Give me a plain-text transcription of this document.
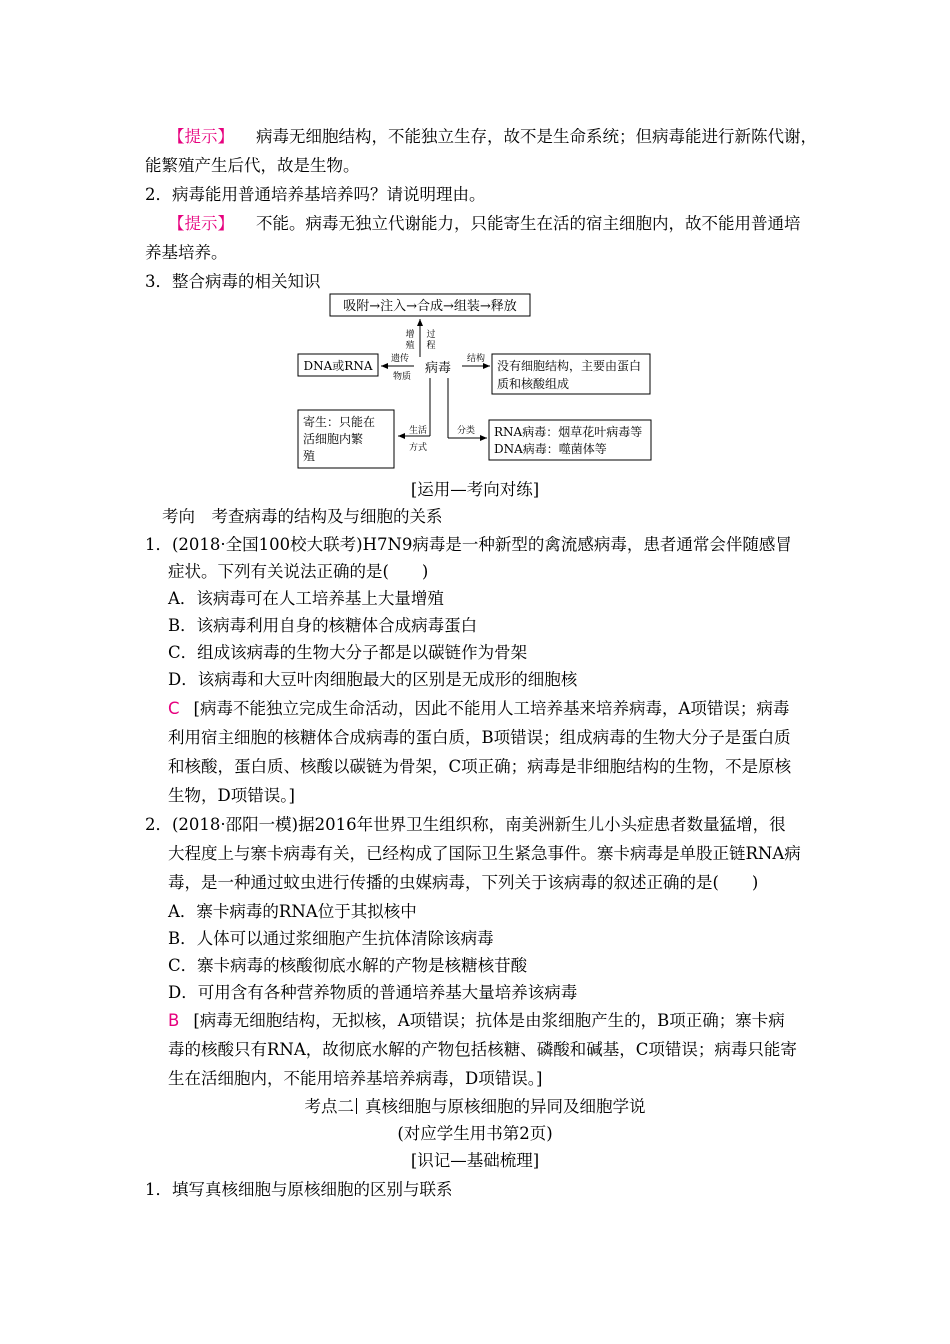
【提示】 病毒无细胞结构，不能独立生存，故不是生命系统；但病毒能进行新陈代谢，
能繁殖产生后代，故是生物。
2．病毒能用普通培养基培养吗？请说明理由。
【提示】 不能。病毒无独立代谢能力，只能寄生在活的宿主细胞内，故不能用普通培
养基培养。
3．整合病毒的相关知识
吸附→注入→合成→组装→释放
增
殖
过
程
病毒
DNA或RNA 遗传
物质
结构 没有细胞结构，主要由蛋白
质和核酸组成
生活
方式
寄生：只能在
活细胞内繁
殖
分类 RNA病毒：烟草花叶病毒等
DNA病毒：噬菌体等
[运用—考向对练]
考向　考查病毒的结构及与细胞的关系
1．(2018·全国100校大联考)H7N9病毒是一种新型的禽流感病毒，患者通常会伴随感冒
症状。下列有关说法正确的是(　　)
A．该病毒可在人工培养基上大量增殖
B．该病毒利用自身的核糖体合成病毒蛋白
C．组成该病毒的生物大分子都是以碳链作为骨架
D．该病毒和大豆叶肉细胞最大的区别是无成形的细胞核
C [病毒不能独立完成生命活动，因此不能用人工培养基来培养病毒，A项错误；病毒
利用宿主细胞的核糖体合成病毒的蛋白质，B项错误；组成病毒的生物大分子是蛋白质
和核酸，蛋白质、核酸以碳链为骨架，C项正确；病毒是非细胞结构的生物，不是原核
生物，D项错误。]
2．(2018·邵阳一模)据2016年世界卫生组织称，南美洲新生儿小头症患者数量猛增，很
大程度上与寨卡病毒有关，已经构成了国际卫生紧急事件。寨卡病毒是单股正链RNA病
毒，是一种通过蚊虫进行传播的虫媒病毒，下列关于该病毒的叙述正确的是(　　)
A．寨卡病毒的RNA位于其拟核中
B．人体可以通过浆细胞产生抗体清除该病毒
C．寨卡病毒的核酸彻底水解的产物是核糖核苷酸
D．可用含有各种营养物质的普通培养基大量培养该病毒
B [病毒无细胞结构，无拟核，A项错误；抗体是由浆细胞产生的，B项正确；寨卡病
毒的核酸只有RNA，故彻底水解的产物包括核糖、磷酸和碱基，C项错误；病毒只能寄
生在活细胞内，不能用培养基培养病毒，D项错误。]
考点二 真核细胞与原核细胞的异同及细胞学说
(对应学生用书第2页)
[识记—基础梳理]
1．填写真核细胞与原核细胞的区别与联系
